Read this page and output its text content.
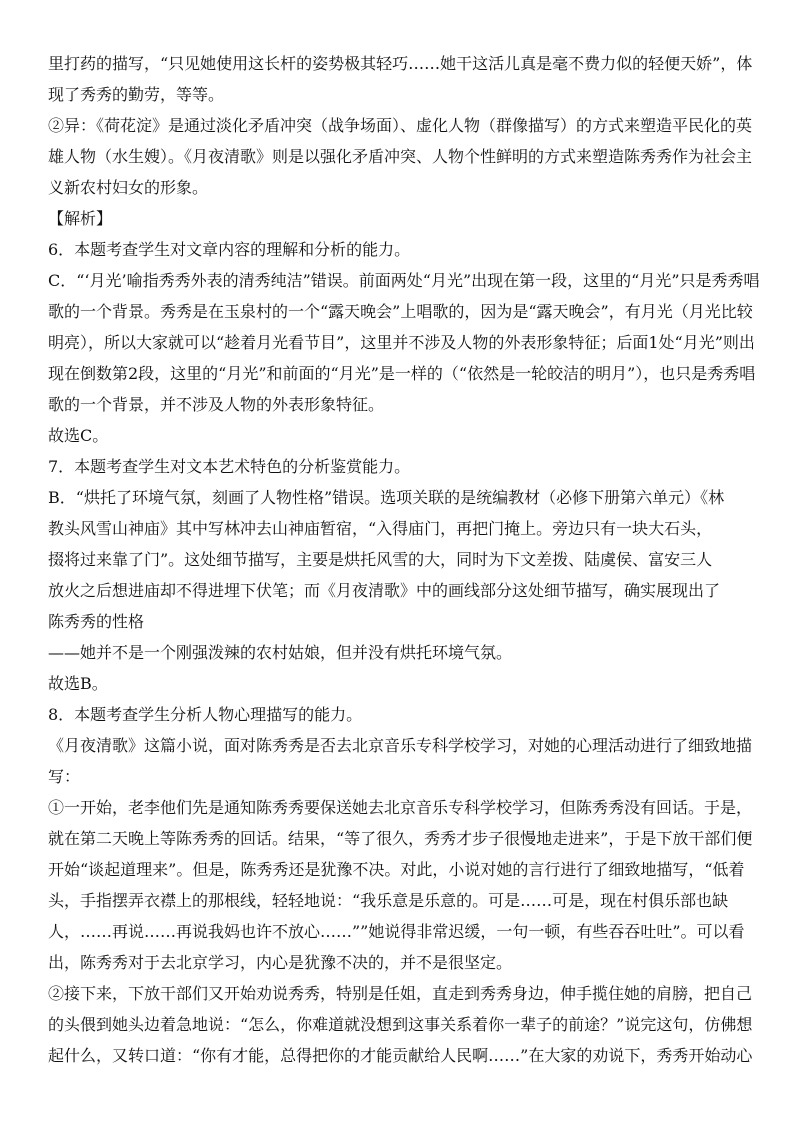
里打药的描写，“只见她使用这长杆的姿势极其轻巧……她干这活儿真是毫不费力似的轻便天娇”，体现了秀秀的勤劳，等等。

②异：《荷花淀》是通过淡化矛盾冲突（战争场面）、虚化人物（群像描写）的方式来塑造平民化的英雄人物（水生嫂）。《月夜清歌》则是以强化矛盾冲突、人物个性鲜明的方式来塑造陈秀秀作为社会主义新农村妇女的形象。

【解析】

6．本题考查学生对文章内容的理解和分析的能力。

C．“‘月光’喻指秀秀外表的清秀纯洁”错误。前面两处“月光”出现在第一段，这里的“月光”只是秀秀唱歌的一个背景。秀秀是在玉泉村的一个“露天晚会”上唱歌的，因为是“露天晚会”，有月光（月光比较明亮），所以大家就可以“趁着月光看节目”，这里并不涉及人物的外表形象特征；后面1处“月光”则出现在倒数第2段，这里的“月光”和前面的“月光”是一样的（“依然是一轮皎洁的明月”），也只是秀秀唱歌的一个背景，并不涉及人物的外表形象特征。

故选C。

7．本题考查学生对文本艺术特色的分析鉴赏能力。

B．“烘托了环境气氛，刻画了人物性格”错误。选项关联的是统编教材（必修下册第六单元）《林教头风雪山神庙》其中写林冲去山神庙暂宿，“入得庙门，再把门掩上。旁边只有一块大石头，掇将过来靠了门”。这处细节描写，主要是烘托风雪的大，同时为下文差拨、陆虞侯、富安三人放火之后想进庙却不得进埋下伏笔；而《月夜清歌》中的画线部分这处细节描写，确实展现出了陈秀秀的性格

——她并不是一个刚强泼辣的农村姑娘，但并没有烘托环境气氛。

故选B。

8．本题考查学生分析人物心理描写的能力。

《月夜清歌》这篇小说，面对陈秀秀是否去北京音乐专科学校学习，对她的心理活动进行了细致地描写：

①一开始，老李他们先是通知陈秀秀要保送她去北京音乐专科学校学习，但陈秀秀没有回话。于是，就在第二天晚上等陈秀秀的回话。结果，“等了很久，秀秀才步子很慢地走进来”，于是下放干部们便开始“谈起道理来”。但是，陈秀秀还是犹豫不决。对此，小说对她的言行进行了细致地描写，“低着头，手指摆弄衣襟上的那根线，轻轻地说：“我乐意是乐意的。可是……可是，现在村俱乐部也缺人，……再说……再说我妈也许不放心……””她说得非常迟缓，一句一顿，有些吞吞吐吐”。可以看出，陈秀秀对于去北京学习，内心是犹豫不决的，并不是很坚定。

②接下来，下放干部们又开始劝说秀秀，特别是任姐，直走到秀秀身边，伸手揽住她的肩膀，把自己的头偎到她头边着急地说：“怎么，你难道就没想到这事关系着你一辈子的前途？”说完这句，仿佛想起什么，又转口道：“你有才能，总得把你的才能贡献给人民啊……”在大家的劝说下，秀秀开始动心
